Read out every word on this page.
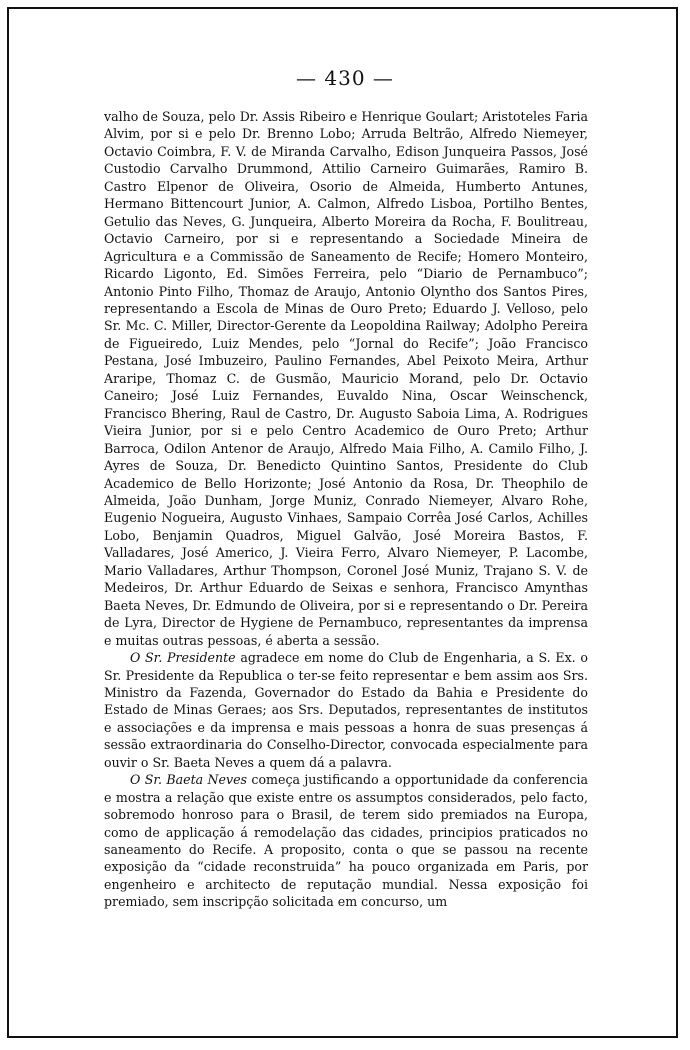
— 430 —

valho de Souza, pelo Dr. Assis Ribeiro e Henrique Goulart; Aristoteles Faria Alvim, por si e pelo Dr. Brenno Lobo; Arruda Beltrão, Alfredo Niemeyer, Octavio Coimbra, F. V. de Miranda Carvalho, Edison Junqueira Passos, José Custodio Carvalho Drummond, Attilio Carneiro Guimarães, Ramiro B. Castro Elpenor de Oliveira, Osorio de Almeida, Humberto Antunes, Hermano Bittencourt Junior, A. Calmon, Alfredo Lisboa, Portilho Bentes, Getulio das Neves, G. Junqueira, Alberto Moreira da Rocha, F. Boulitreau, Octavio Carneiro, por si e representando a Sociedade Mineira de Agricultura e a Commissão de Saneamento de Recife; Homero Monteiro, Ricardo Ligonto, Ed. Simões Ferreira, pelo “Diario de Pernambuco”; Antonio Pinto Filho, Thomaz de Araujo, Antonio Olyntho dos Santos Pires, representando a Escola de Minas de Ouro Preto; Eduardo J. Velloso, pelo Sr. Mc. C. Miller, Director-Gerente da Leopoldina Railway; Adolpho Pereira de Figueiredo, Luiz Mendes, pelo “Jornal do Recife”; João Francisco Pestana, José Imbuzeiro, Paulino Fernandes, Abel Peixoto Meira, Arthur Araripe, Thomaz C. de Gusmão, Mauricio Morand, pelo Dr. Octavio Caneiro; José Luiz Fernandes, Euvaldo Nina, Oscar Weinschenck, Francisco Bhering, Raul de Castro, Dr. Augusto Saboia Lima, A. Rodrigues Vieira Junior, por si e pelo Centro Academico de Ouro Preto; Arthur Barroca, Odilon Antenor de Araujo, Alfredo Maia Filho, A. Camilo Filho, J. Ayres de Souza, Dr. Benedicto Quintino Santos, Presidente do Club Academico de Bello Horizonte; José Antonio da Rosa, Dr. Theophilo de Almeida, João Dunham, Jorge Muniz, Conrado Niemeyer, Alvaro Rohe, Eugenio Nogueira, Augusto Vinhaes, Sampaio Corrêa José Carlos, Achilles Lobo, Benjamin Quadros, Miguel Galvão, José Moreira Bastos, F. Valladares, José Americo, J. Vieira Ferro, Alvaro Niemeyer, P. Lacombe, Mario Valladares, Arthur Thompson, Coronel José Muniz, Trajano S. V. de Medeiros, Dr. Arthur Eduardo de Seixas e senhora, Francisco Amynthas Baeta Neves, Dr. Edmundo de Oliveira, por si e representando o Dr. Pereira de Lyra, Director de Hygiene de Pernambuco, representantes da imprensa e muitas outras pessoas, é aberta a sessão.

O Sr. Presidente agradece em nome do Club de Engenharia, a S. Ex. o Sr. Presidente da Republica o ter-se feito representar e bem assim aos Srs. Ministro da Fazenda, Governador do Estado da Bahia e Presidente do Estado de Minas Geraes; aos Srs. Deputados, representantes de institutos e associações e da imprensa e mais pessoas a honra de suas presenças á sessão extraordinaria do Conselho-Director, convocada especialmente para ouvir o Sr. Baeta Neves a quem dá a palavra.

O Sr. Baeta Neves começa justificando a opportunidade da conferencia e mostra a relação que existe entre os assumptos considerados, pelo facto, sobremodo honroso para o Brasil, de terem sido premiados na Europa, como de applicação á remodelação das cidades, principios praticados no saneamento do Recife. A proposito, conta o que se passou na recente exposição da “cidade reconstruida” ha pouco organizada em Paris, por engenheiro e architecto de reputação mundial. Nessa exposição foi premiado, sem inscripção solicitada em concurso, um
